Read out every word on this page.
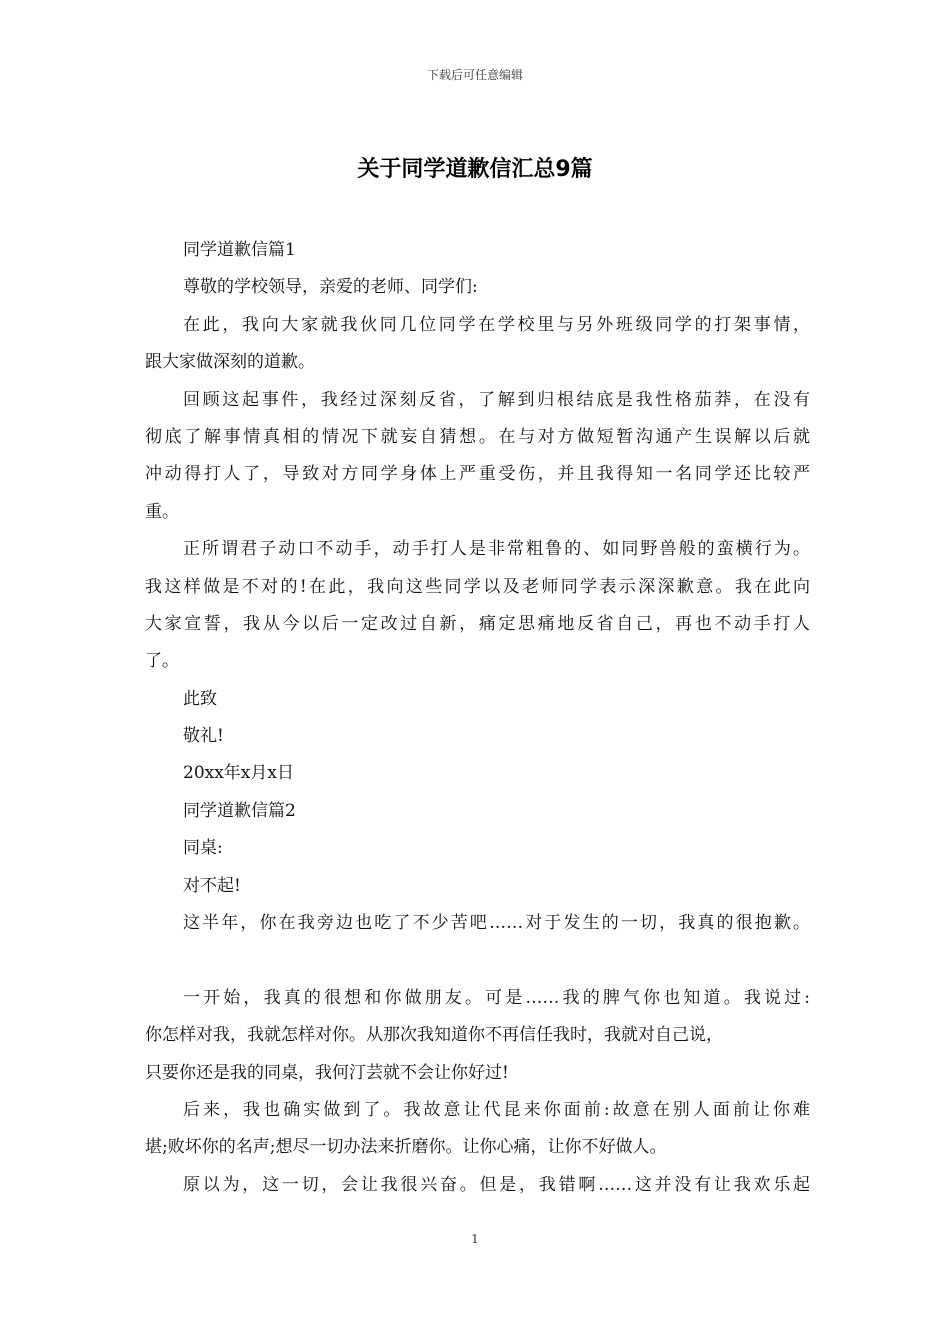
下载后可任意编辑
关于同学道歉信汇总9篇
同学道歉信篇1
尊敬的学校领导，亲爱的老师、同学们:
在此，我向大家就我伙同几位同学在学校里与另外班级同学的打架事情，
跟大家做深刻的道歉。
回顾这起事件，我经过深刻反省，了解到归根结底是我性格茄莽，在没有
彻底了解事情真相的情况下就妄自猜想。在与对方做短暂沟通产生误解以后就
冲动得打人了，导致对方同学身体上严重受伤，并且我得知一名同学还比较严
重。
正所谓君子动口不动手，动手打人是非常粗鲁的、如同野兽般的蛮横行为。
我这样做是不对的!在此，我向这些同学以及老师同学表示深深歉意。我在此向
大家宣誓，我从今以后一定改过自新，痛定思痛地反省自己，再也不动手打人
了。
此致
敬礼!
20xx年x月x日
同学道歉信篇2
同桌:
对不起!
这半年，你在我旁边也吃了不少苦吧……对于发生的一切，我真的很抱歉。
一开始，我真的很想和你做朋友。可是……我的脾气你也知道。我说过:
你怎样对我，我就怎样对你。从那次我知道你不再信任我时，我就对自己说，
只要你还是我的同桌，我何汀芸就不会让你好过!
后来，我也确实做到了。我故意让代昆来你面前:故意在别人面前让你难
堪;败坏你的名声;想尽一切办法来折磨你。让你心痛，让你不好做人。
原以为，这一切，会让我很兴奋。但是，我错啊……这并没有让我欢乐起
1
